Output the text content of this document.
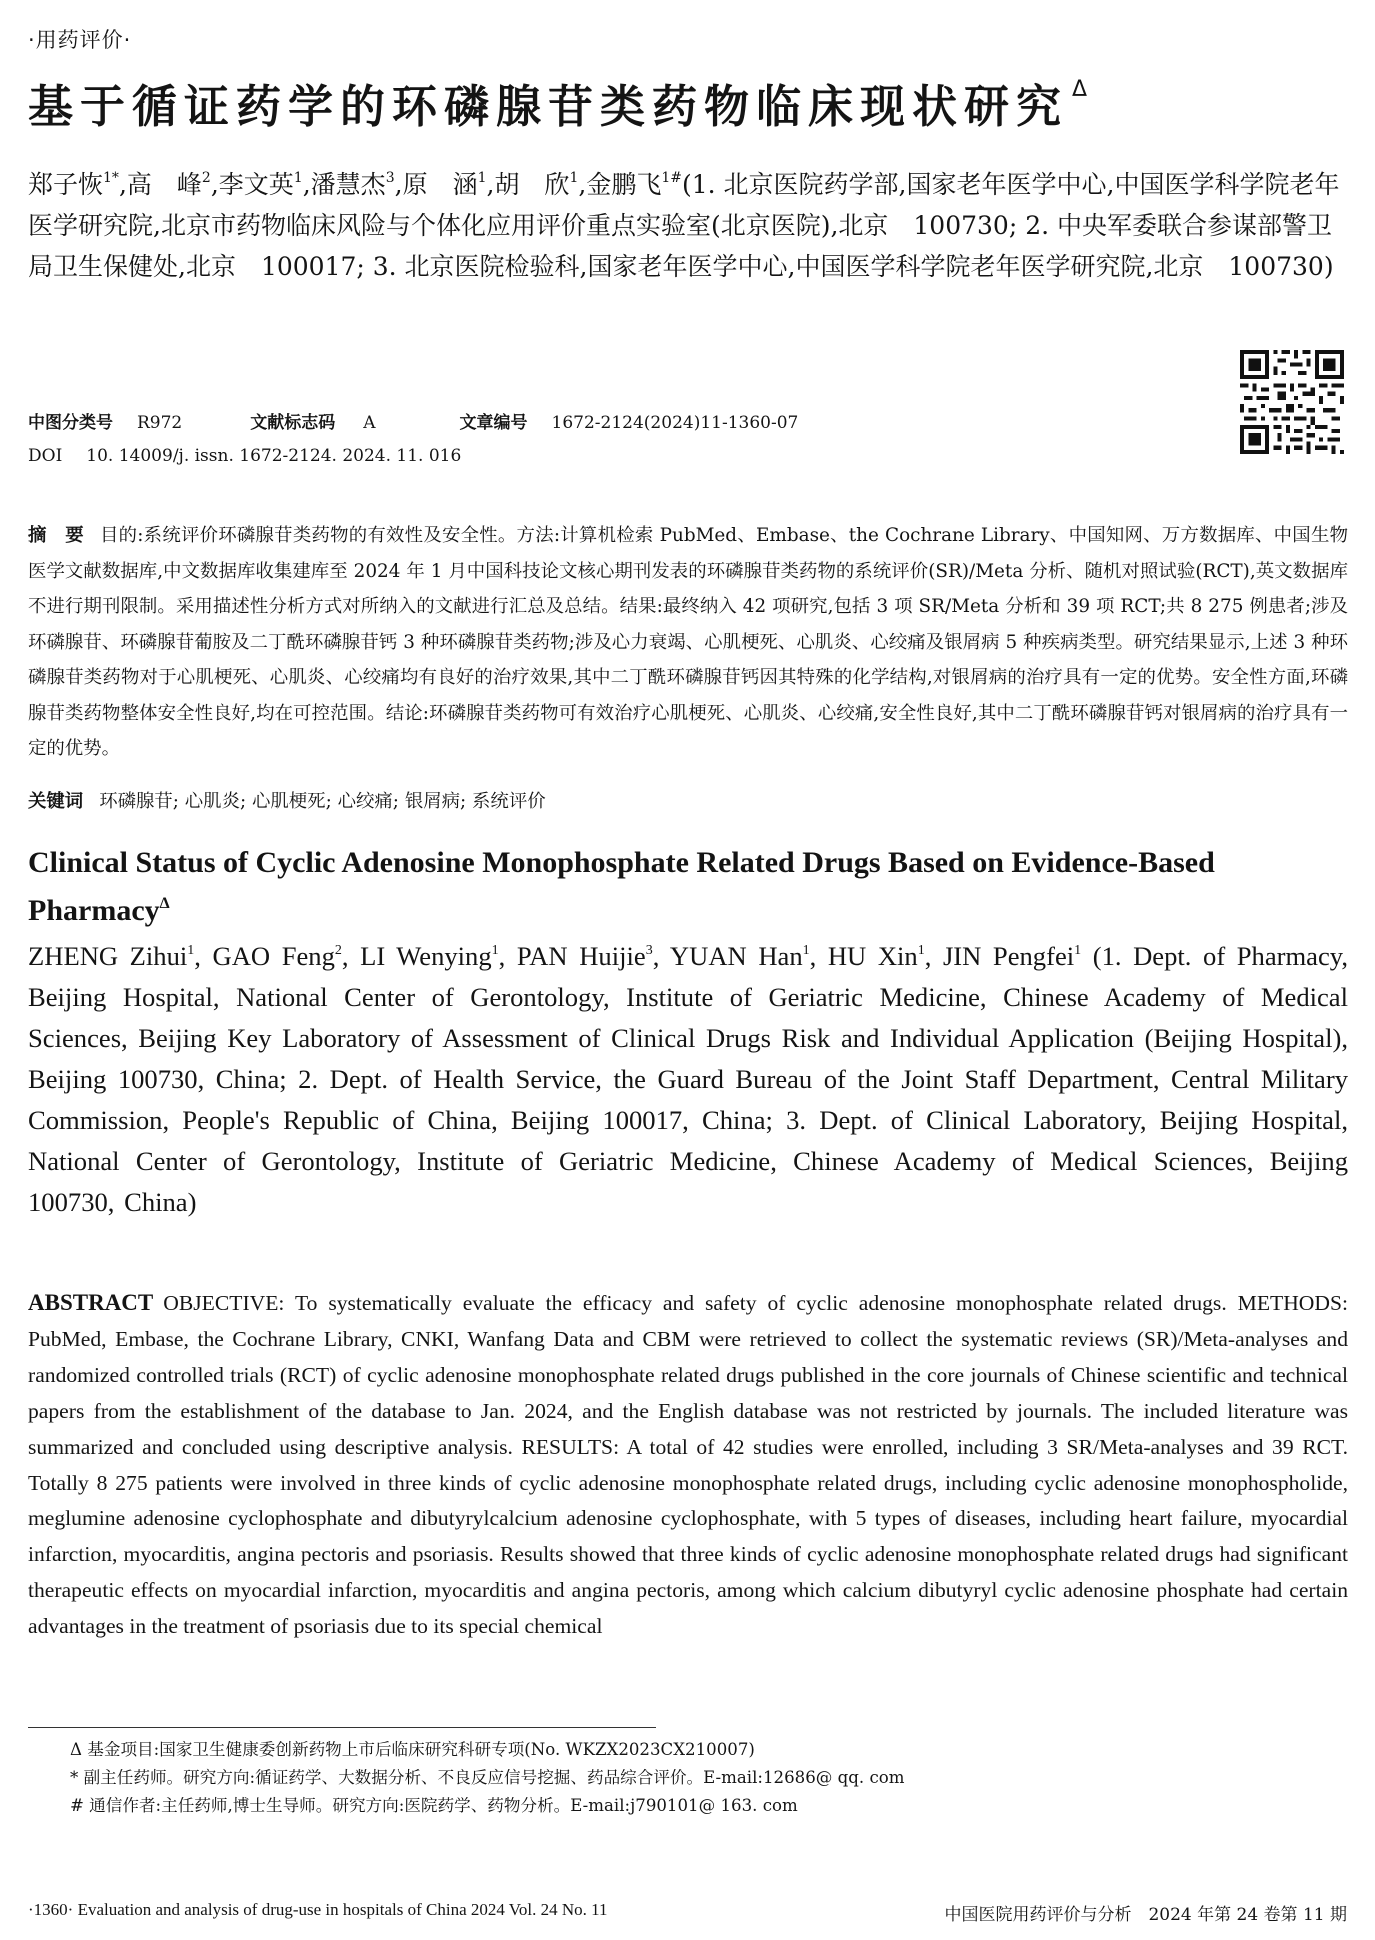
·用药评价·
基于循证药学的环磷腺苷类药物临床现状研究 $^\Delta$
郑子恢$^{1*}$,高　峰$^2$,李文英$^1$,潘慧杰$^3$,原　涵$^1$,胡　欣$^1$,金鹏飞$^{1\#}$(1. 北京医院药学部,国家老年医学中心,中国医学科学院老年医学研究院,北京市药物临床风险与个体化应用评价重点实验室(北京医院),北京　100730; 2. 中央军委联合参谋部警卫局卫生保健处,北京　100017; 3. 北京医院检验科,国家老年医学中心,中国医学科学院老年医学研究院,北京　100730)
中图分类号 R972	文献标志码 A	文章编号 1672-2124(2024)11-1360-07
DOI 10. 14009/j. issn. 1672-2124. 2024. 11. 016
摘　要 目的:系统评价环磷腺苷类药物的有效性及安全性。方法:计算机检索 PubMed、Embase、the Cochrane Library、中国知网、万方数据库、中国生物医学文献数据库,中文数据库收集建库至 2024 年 1 月中国科技论文核心期刊发表的环磷腺苷类药物的系统评价(SR)/Meta 分析、随机对照试验(RCT),英文数据库不进行期刊限制。采用描述性分析方式对所纳入的文献进行汇总及总结。结果:最终纳入 42 项研究,包括 3 项 SR/Meta 分析和 39 项 RCT;共 8 275 例患者;涉及环磷腺苷、环磷腺苷葡胺及二丁酰环磷腺苷钙 3 种环磷腺苷类药物;涉及心力衰竭、心肌梗死、心肌炎、心绞痛及银屑病 5 种疾病类型。研究结果显示,上述 3 种环磷腺苷类药物对于心肌梗死、心肌炎、心绞痛均有良好的治疗效果,其中二丁酰环磷腺苷钙因其特殊的化学结构,对银屑病的治疗具有一定的优势。安全性方面,环磷腺苷类药物整体安全性良好,均在可控范围。结论:环磷腺苷类药物可有效治疗心肌梗死、心肌炎、心绞痛,安全性良好,其中二丁酰环磷腺苷钙对银屑病的治疗具有一定的优势。
关键词 环磷腺苷; 心肌炎; 心肌梗死; 心绞痛; 银屑病; 系统评价
Clinical Status of Cyclic Adenosine Monophosphate Related Drugs Based on Evidence-Based Pharmacy$^\Delta$
ZHENG Zihui$^1$, GAO Feng$^2$, LI Wenying$^1$, PAN Huijie$^3$, YUAN Han$^1$, HU Xin$^1$, JIN Pengfei$^1$ (1. Dept. of Pharmacy, Beijing Hospital, National Center of Gerontology, Institute of Geriatric Medicine, Chinese Academy of Medical Sciences, Beijing Key Laboratory of Assessment of Clinical Drugs Risk and Individual Application (Beijing Hospital), Beijing 100730, China; 2. Dept. of Health Service, the Guard Bureau of the Joint Staff Department, Central Military Commission, People's Republic of China, Beijing 100017, China; 3. Dept. of Clinical Laboratory, Beijing Hospital, National Center of Gerontology, Institute of Geriatric Medicine, Chinese Academy of Medical Sciences, Beijing 100730, China)
ABSTRACT OBJECTIVE: To systematically evaluate the efficacy and safety of cyclic adenosine monophosphate related drugs. METHODS: PubMed, Embase, the Cochrane Library, CNKI, Wanfang Data and CBM were retrieved to collect the systematic reviews (SR)/Meta-analyses and randomized controlled trials (RCT) of cyclic adenosine monophosphate related drugs published in the core journals of Chinese scientific and technical papers from the establishment of the database to Jan. 2024, and the English database was not restricted by journals. The included literature was summarized and concluded using descriptive analysis. RESULTS: A total of 42 studies were enrolled, including 3 SR/Meta-analyses and 39 RCT. Totally 8 275 patients were involved in three kinds of cyclic adenosine monophosphate related drugs, including cyclic adenosine monophospholide, meglumine adenosine cyclophosphate and dibutyrylcalcium adenosine cyclophosphate, with 5 types of diseases, including heart failure, myocardial infarction, myocarditis, angina pectoris and psoriasis. Results showed that three kinds of cyclic adenosine monophosphate related drugs had significant therapeutic effects on myocardial infarction, myocarditis and angina pectoris, among which calcium dibutyryl cyclic adenosine phosphate had certain advantages in the treatment of psoriasis due to its special chemical
Δ 基金项目:国家卫生健康委创新药物上市后临床研究科研专项(No. WKZX2023CX210007)
* 副主任药师。研究方向:循证药学、大数据分析、不良反应信号挖掘、药品综合评价。E-mail:12686@ qq. com
# 通信作者:主任药师,博士生导师。研究方向:医院药学、药物分析。E-mail:j790101@ 163. com
·1360· Evaluation and analysis of drug-use in hospitals of China 2024 Vol. 24 No. 11	中国医院用药评价与分析　2024 年第 24 卷第 11 期
